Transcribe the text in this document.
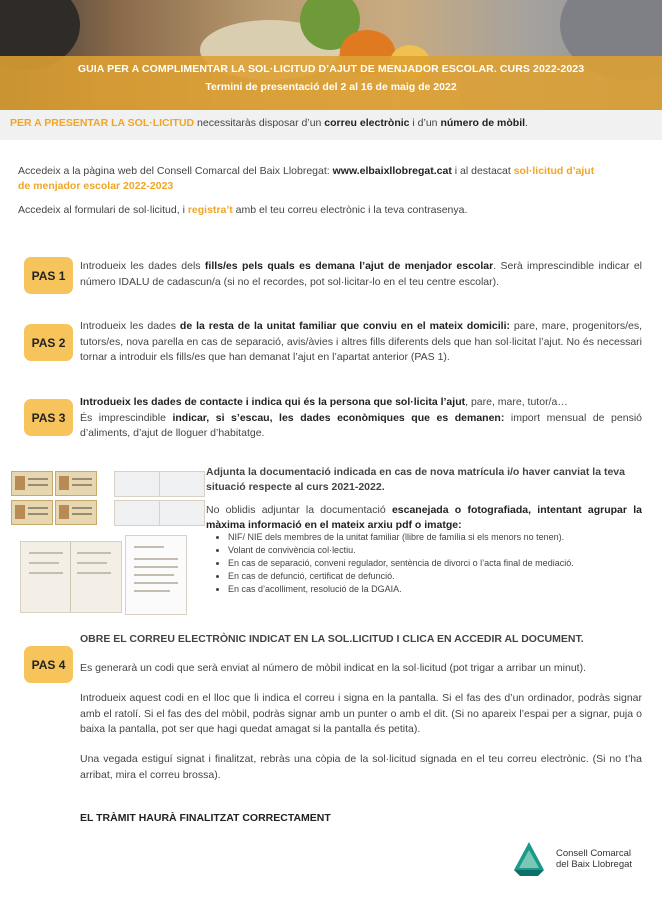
GUIA PER A COMPLIMENTAR LA SOL·LICITUD D’AJUT DE MENJADOR ESCOLAR. CURS 2022-2023
Termini de presentació del 2 al 16 de maig de 2022
PER A PRESENTAR LA SOL·LICITUD necessitaràs disposar d’un correu electrònic i d’un número de mòbil.
Accedeix a la pàgina web del Consell Comarcal del Baix Llobregat: www.elbaixllobregat.cat i al destacat sol·licitud d’ajut
de menjador escolar 2022-2023
Accedeix al formulari de sol·licitud, i registra’t amb el teu correu electrònic i la teva contrasenya.
PAS 1
Introdueix les dades dels fills/es pels quals es demana l’ajut de menjador escolar. Serà imprescindible indicar el número IDALU de cadascun/a (si no el recordes, pot sol·licitar-lo en el teu centre escolar).
PAS 2
Introdueix les dades de la resta de la unitat familiar que conviu en el mateix domicili: pare, mare, progenitors/es, tutors/es, nova parella en cas de separació, avis/àvies i altres fills diferents dels que han sol·licitat l’ajut. No és necessari tornar a introduir els fills/es que han demanat l’ajut en l’apartat anterior (PAS 1).
PAS 3
Introdueix les dades de contacte i indica qui és la persona que sol·licita l’ajut, pare, mare, tutor/a…
És imprescindible indicar, si s’escau, les dades econòmiques que es demanen: import mensual de pensió d’aliments, d’ajut de lloguer d’habitatge.
Adjunta la documentació indicada en cas de nova matrícula i/o haver canviat la teva situació respecte al curs 2021-2022.
No oblidis adjuntar la documentació escanejada o fotografiada, intentant agrupar la màxima informació en el mateix arxiu pdf o imatge:
• NIF/ NIE dels membres de la unitat familiar (llibre de família si els menors no tenen).
• Volant de convivència col·lectiu.
• En cas de separació, conveni regulador, sentència de divorci o l’acta final de mediació.
• En cas de defunció, certificat de defunció.
• En cas d’acolliment, resolució de la DGAIA.
PAS 4
OBRE EL CORREU ELECTRÒNIC INDICAT EN LA SOL.LICITUD I CLICA EN ACCEDIR AL DOCUMENT.
Es generarà un codi que serà enviat al número de mòbil indicat en la sol·licitud (pot trigar a arribar un minut).
Introdueix aquest codi en el lloc que li indica el correu i signa en la pantalla. Si el fas des d’un ordinador, podràs signar amb el ratolí. Si el fas des del mòbil, podràs signar amb un punter o amb el dit. (Si no apareix l’espai per a signar, puja o baixa la pantalla, pot ser que hagi quedat amagat si la pantalla és petita).
Una vegada estiguí signat i finalitzat, rebràs una còpia de la sol·licitud signada en el teu correu electrònic. (Si no t’ha arribat, mira el correu brossa).
EL TRÀMIT HAURÀ FINALITZAT CORRECTAMENT
Consell Comarcal
del Baix Llobregat
